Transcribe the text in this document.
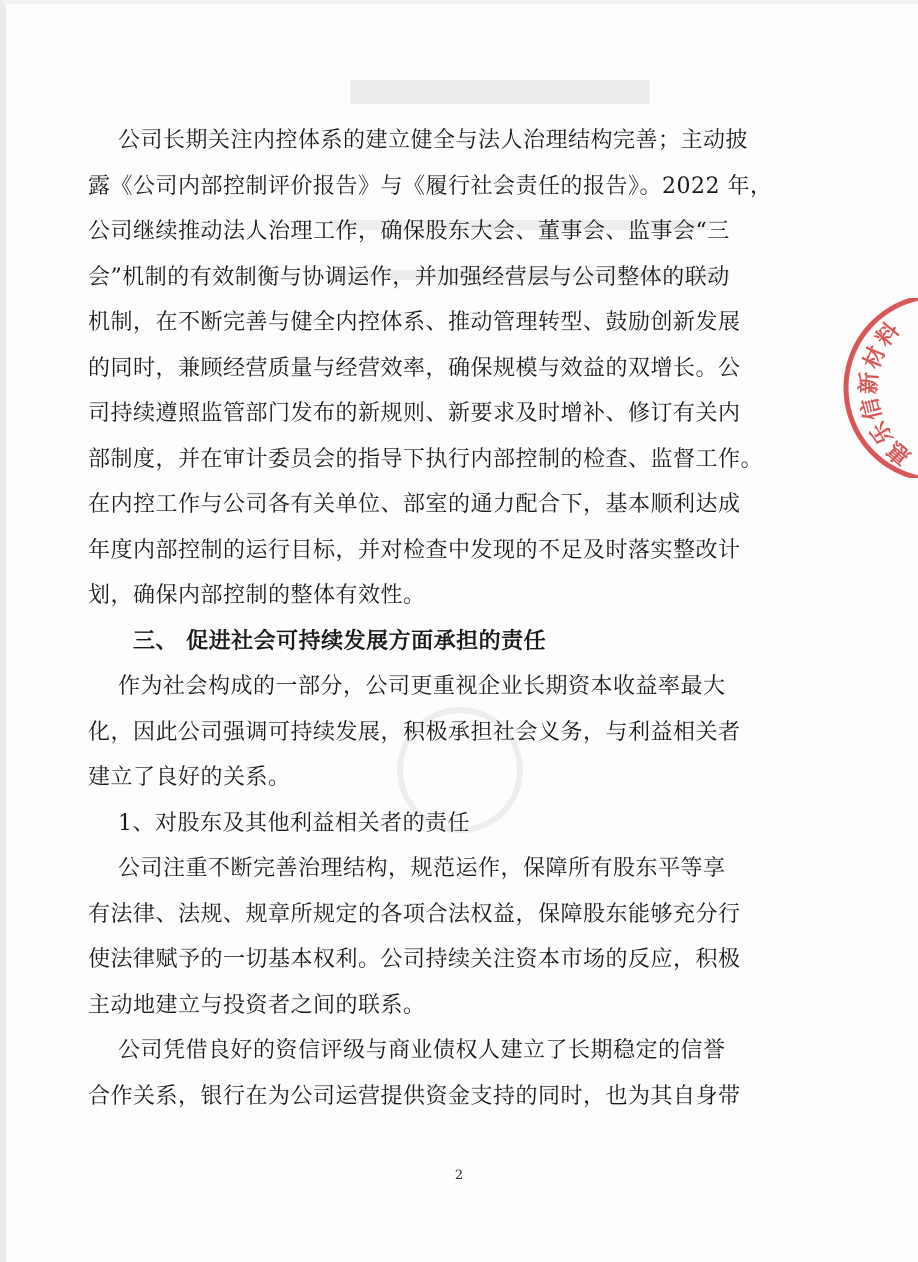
公司长期关注内控体系的建立健全与法人治理结构完善；主动披
露《公司内部控制评价报告》与《履行社会责任的报告》。2022 年，
公司继续推动法人治理工作，确保股东大会、董事会、监事会“三
会”机制的有效制衡与协调运作，并加强经营层与公司整体的联动
机制，在不断完善与健全内控体系、推动管理转型、鼓励创新发展
的同时，兼顾经营质量与经营效率，确保规模与效益的双增长。公
司持续遵照监管部门发布的新规则、新要求及时增补、修订有关内
部制度，并在审计委员会的指导下执行内部控制的检查、监督工作。
在内控工作与公司各有关单位、部室的通力配合下，基本顺利达成
年度内部控制的运行目标，并对检查中发现的不足及时落实整改计
划，确保内部控制的整体有效性。
三、 促进社会可持续发展方面承担的责任
作为社会构成的一部分，公司更重视企业长期资本收益率最大
化，因此公司强调可持续发展，积极承担社会义务，与利益相关者
建立了良好的关系。
1、对股东及其他利益相关者的责任
公司注重不断完善治理结构，规范运作，保障所有股东平等享
有法律、法规、规章所规定的各项合法权益，保障股东能够充分行
使法律赋予的一切基本权利。公司持续关注资本市场的反应，积极
主动地建立与投资者之间的联系。
公司凭借良好的资信评级与商业债权人建立了长期稳定的信誉
合作关系，银行在为公司运营提供资金支持的同时，也为其自身带
惠乐信新材料
2
